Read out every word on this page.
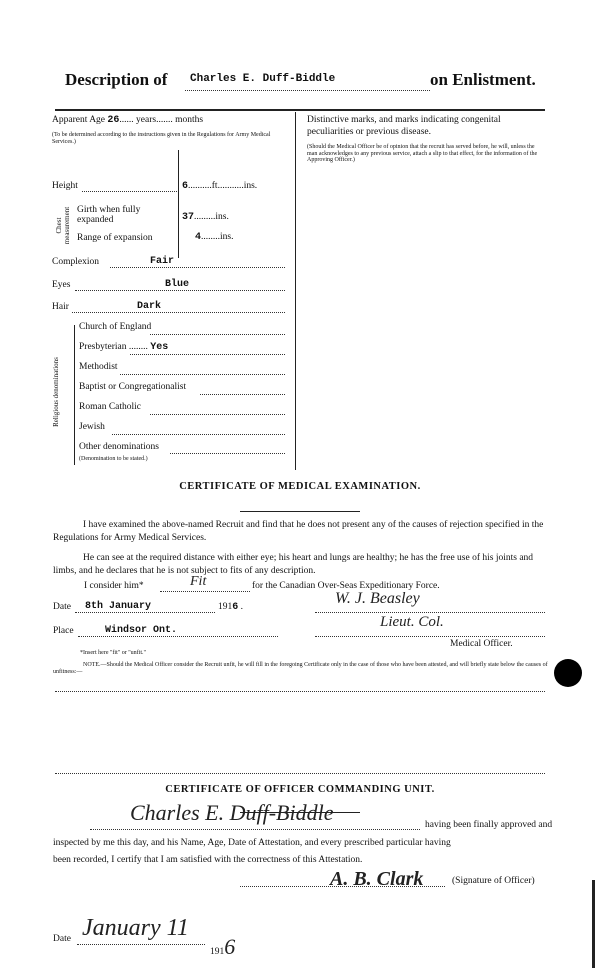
Description of Charles E. Duff-Biddle	on Enlistment.
Apparent Age 26...... years....... months
(To be determined according to the instructions given in the Regulations for Army Medical Services.)
Height	6..........ft...........ins.
Chest measurement Girth when fully expanded	37.........ins.
Range of expansion	4........ins.
Complexion	Fair
Eyes	Blue
Hair	Dark
Religious denominations
Church of England
Presbyterian ........ Yes
Methodist
Baptist or Congregationalist
Roman Catholic
Jewish
Other denominations
(Denomination to be stated.)
Distinctive marks, and marks indicating congenital peculiarities or previous disease.
(Should the Medical Officer be of opinion that the recruit has served before, he will, unless the man acknowledges to any previous service, attach a slip to that effect, for the information of the Approving Officer.)
CERTIFICATE OF MEDICAL EXAMINATION.
I have examined the above-named Recruit and find that he does not present any of the causes of rejection specified in the Regulations for Army Medical Services.
He can see at the required distance with either eye; his heart and lungs are healthy; he has the free use of his joints and limbs, and he declares that he is not subject to fits of any description.
I consider him*	Fit	for the Canadian Over-Seas Expeditionary Force.
Date 8th January	1916 .
Place	Windsor Ont.
W. J. Beasley
Lieut. Col.
Medical Officer.
*Insert here "fit" or "unfit."
NOTE.—Should the Medical Officer consider the Recruit unfit, he will fill in the foregoing Certificate only in the case of those who have been attested, and will briefly state below the causes of unfitness:—
CERTIFICATE OF OFFICER COMMANDING UNIT.
Charles E. Duff-Biddle	having been finally approved and
inspected by me this day, and his Name, Age, Date of Attestation, and every prescribed particular having
been recorded, I certify that I am satisfied with the correctness of this Attestation.
A. B. Clark	(Signature of Officer)
Date January 11
1916
